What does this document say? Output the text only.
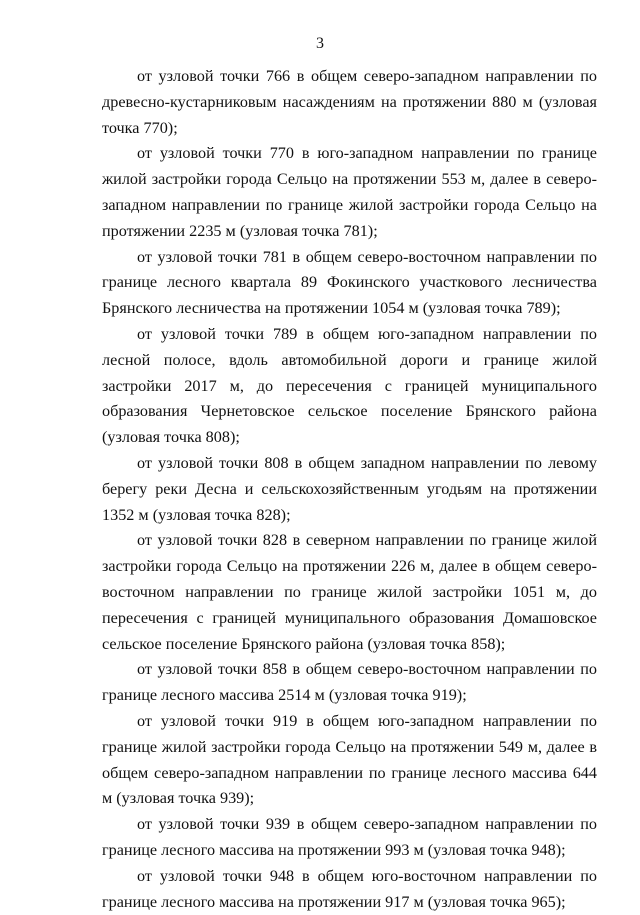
3

от узловой точки 766 в общем северо-западном направлении по древесно-кустарниковым насаждениям на протяжении 880 м (узловая точка 770);

от узловой точки 770 в юго-западном направлении по границе жилой застройки города Сельцо на протяжении 553 м, далее в северо-западном направлении по границе жилой застройки города Сельцо на протяжении 2235 м (узловая точка 781);

от узловой точки 781 в общем северо-восточном направлении по границе лесного квартала 89 Фокинского участкового лесничества Брянского лесничества на протяжении 1054 м (узловая точка 789);

от узловой точки 789 в общем юго-западном направлении по лесной полосе, вдоль автомобильной дороги и границе жилой застройки 2017 м, до пересечения с границей муниципального образования Чернетовское сельское поселение Брянского района (узловая точка 808);

от узловой точки 808 в общем западном направлении по левому берегу реки Десна и сельскохозяйственным угодьям на протяжении 1352 м (узловая точка 828);

от узловой точки 828 в северном направлении по границе жилой застройки города Сельцо на протяжении 226 м, далее в общем северо-восточном направлении по границе жилой застройки 1051 м, до пересечения с границей муниципального образования Домашовское сельское поселение Брянского района (узловая точка 858);

от узловой точки 858 в общем северо-восточном направлении по границе лесного массива 2514 м (узловая точка 919);

от узловой точки 919 в общем юго-западном направлении по границе жилой застройки города Сельцо на протяжении 549 м, далее в общем северо-западном направлении по границе лесного массива 644 м (узловая точка 939);

от узловой точки 939 в общем северо-западном направлении по границе лесного массива на протяжении 993 м (узловая точка 948);

от узловой точки 948 в общем юго-восточном направлении по границе лесного массива на протяжении 917 м (узловая точка 965);
